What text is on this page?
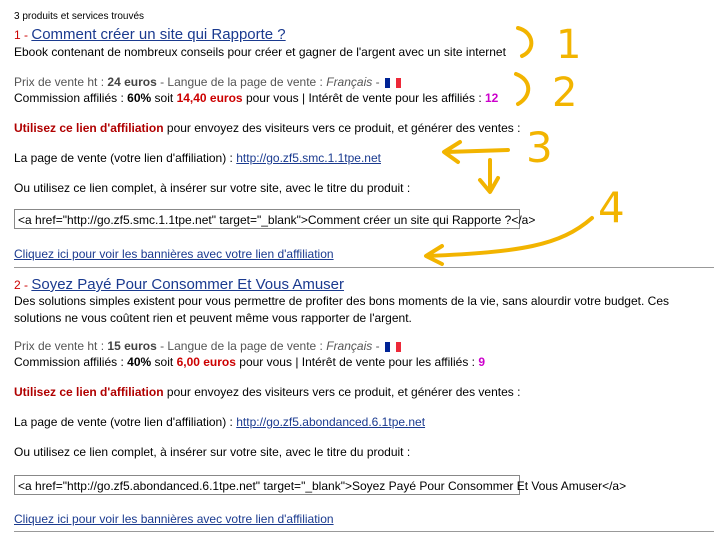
3 produits et services trouvés
1 - Comment créer un site qui Rapporte ?
Ebook contenant de nombreux conseils pour créer et gagner de l'argent avec un site internet
Prix de vente ht : 24 euros - Langue de la page de vente : Français -
Commission affiliés : 60% soit 14,40 euros pour vous | Intérêt de vente pour les affiliés : 12
Utilisez ce lien d'affiliation pour envoyez des visiteurs vers ce produit, et générer des ventes :
La page de vente (votre lien d'affiliation) : http://go.zf5.smc.1.1tpe.net
Ou utilisez ce lien complet, à insérer sur votre site, avec le titre du produit :
<a href="http://go.zf5.smc.1.1tpe.net" target="_blank">Comment créer un site qui Rapporte ?</a>
Cliquez ici pour voir les bannières avec votre lien d'affiliation
2 - Soyez Payé Pour Consommer Et Vous Amuser
Des solutions simples existent pour vous permettre de profiter des bons moments de la vie, sans alourdir votre budget. Ces solutions ne vous coûtent rien et peuvent même vous rapporter de l'argent.
Prix de vente ht : 15 euros - Langue de la page de vente : Français -
Commission affiliés : 40% soit 6,00 euros pour vous | Intérêt de vente pour les affiliés : 9
Utilisez ce lien d'affiliation pour envoyez des visiteurs vers ce produit, et générer des ventes :
La page de vente (votre lien d'affiliation) : http://go.zf5.abondanced.6.1tpe.net
Ou utilisez ce lien complet, à insérer sur votre site, avec le titre du produit :
<a href="http://go.zf5.abondanced.6.1tpe.net" target="_blank">Soyez Payé Pour Consommer Et Vous Amuser</a>
Cliquez ici pour voir les bannières avec votre lien d'affiliation
1
2
3
4
